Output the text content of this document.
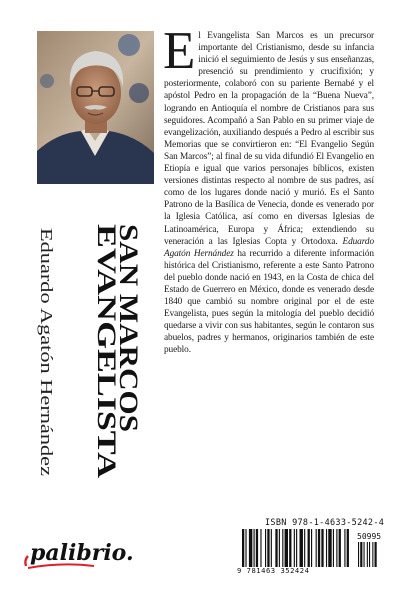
El Evangelista San Marcos es un precursor importante del Cristianismo, desde su infancia inició el seguimiento de Jesús y sus enseñanzas, presenció su prendimiento y crucifixión; y posteriormente, colaboró con su pariente Bernabé y el apóstol Pedro en la propagación de la “Buena Nueva”, logrando en Antioquía el nombre de Cristianos para sus seguidores. Acompañó a San Pablo en su primer viaje de evangelización, auxiliando después a Pedro al escribir sus Memorias que se convirtieron en: “El Evangelio Según San Marcos”; al final de su vida difundió El Evangelio en Etiopía e igual que varios personajes bíblicos, existen versiones distintas respecto al nombre de sus padres, así como de los lugares donde nació y murió. Es el Santo Patrono de la Basílica de Venecia, donde es venerado por la Iglesia Católica, así como en diversas Iglesias de Latinoamérica, Europa y África; extendiendo su veneración a las Iglesias Copta y Ortodoxa. Eduardo Agatón Hernández ha recurrido a diferente información histórica del Cristianismo, referente a este Santo Patrono del pueblo donde nació en 1943, en la Costa de chica del Estado de Guerrero en México, donde es venerado desde 1840 que cambió su nombre original por el de este Evangelista, pues según la mitología del pueblo decidió quedarse a vivir con sus habitantes, según le contaron sus abuelos, padres y hermanos, originarios también de este pueblo.
SAN MARCOS
EVANGELISTA
Eduardo Agatón Hernández
ISBN 978-1-4633-5242-4
50995
9 781463 352424
palibrio.
